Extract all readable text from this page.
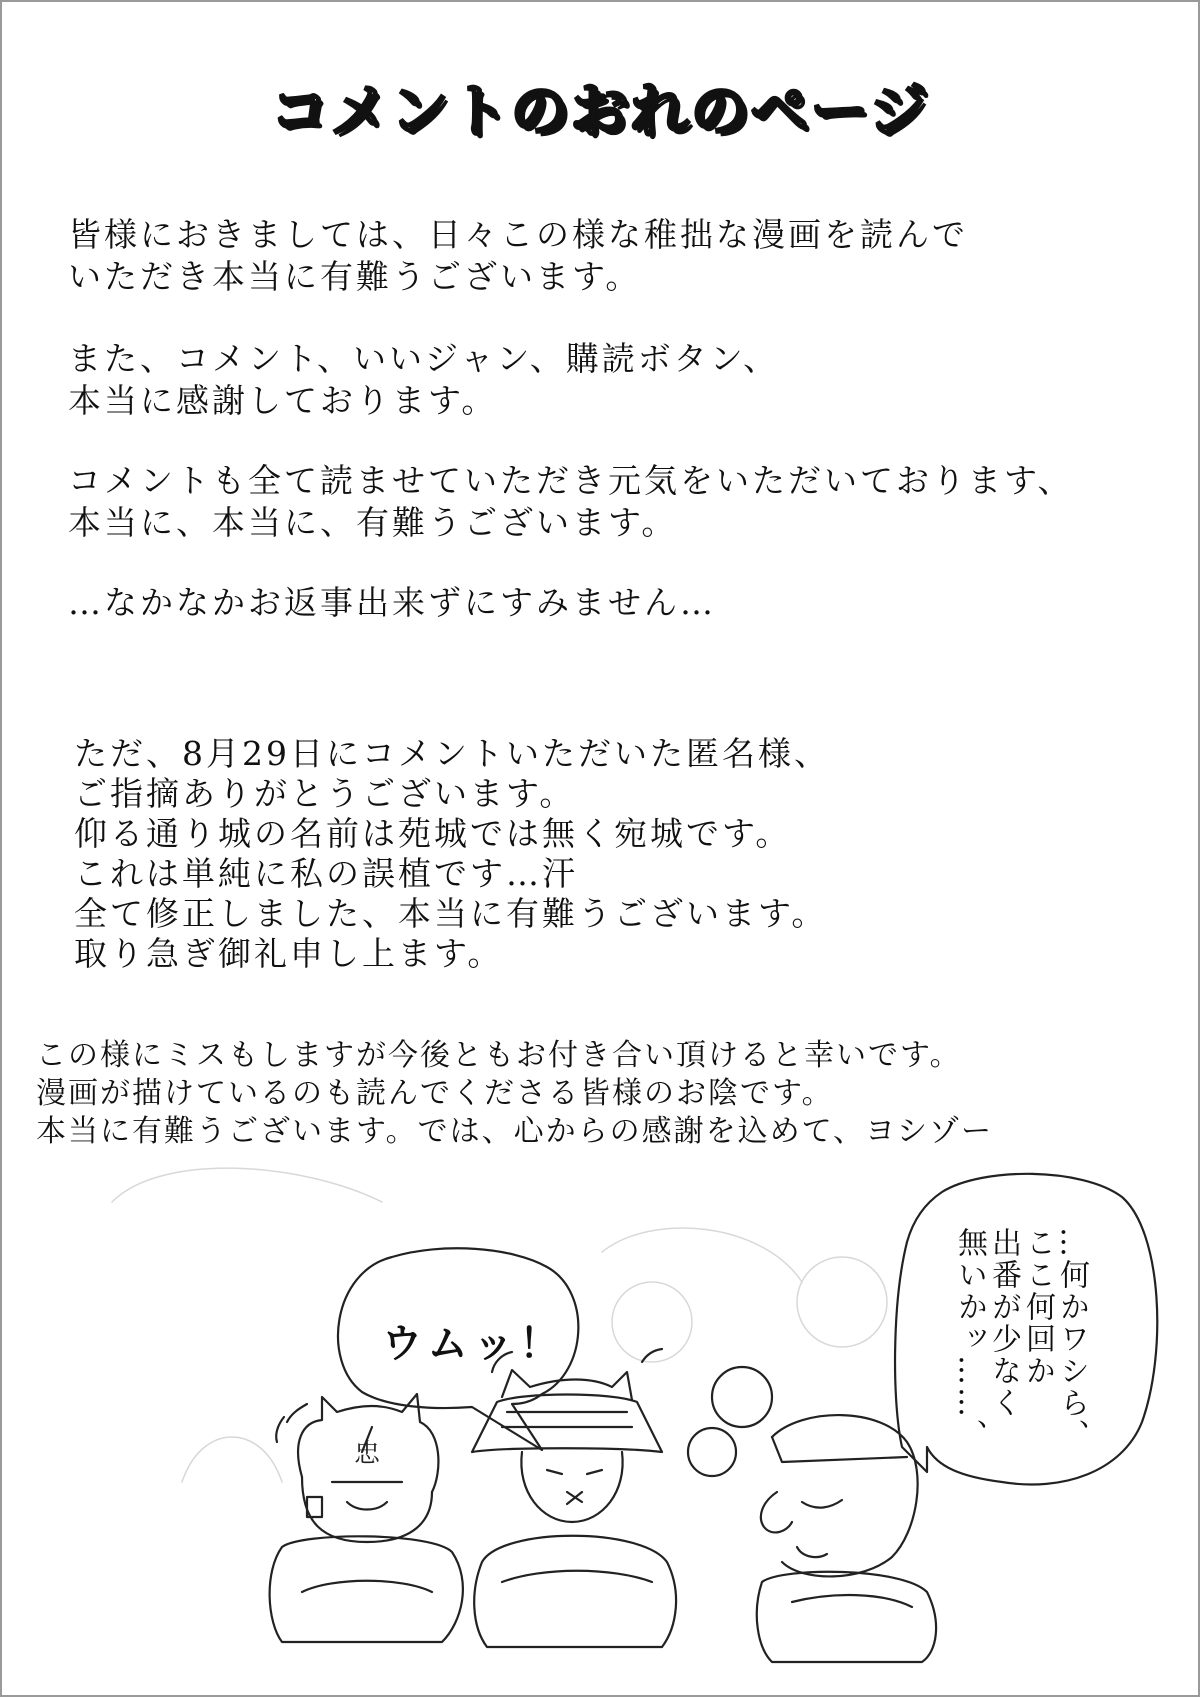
コメントのおれのページ
皆様におきましては、日々この様な稚拙な漫画を読んで
いただき本当に有難うございます。
また、コメント、いいジャン、購読ボタン、
本当に感謝しております。
コメントも全て読ませていただき元気をいただいております、
本当に、本当に、有難うございます。
…なかなかお返事出来ずにすみません…
ただ、8月29日にコメントいただいた匿名様、
ご指摘ありがとうございます。
仰る通り城の名前は苑城では無く宛城です。
これは単純に私の誤植です…汗
全て修正しました、本当に有難うございます。
取り急ぎ御礼申し上ます。
この様にミスもしますが今後ともお付き合い頂けると幸いです。
漫画が描けているのも読んでくださる皆様のお陰です。
本当に有難うございます。では、心からの感謝を込めて、ヨシゾー
忠
ウムッ！	…何かワシら、
ここ何回か
出番が少なく
無いかッ……、
